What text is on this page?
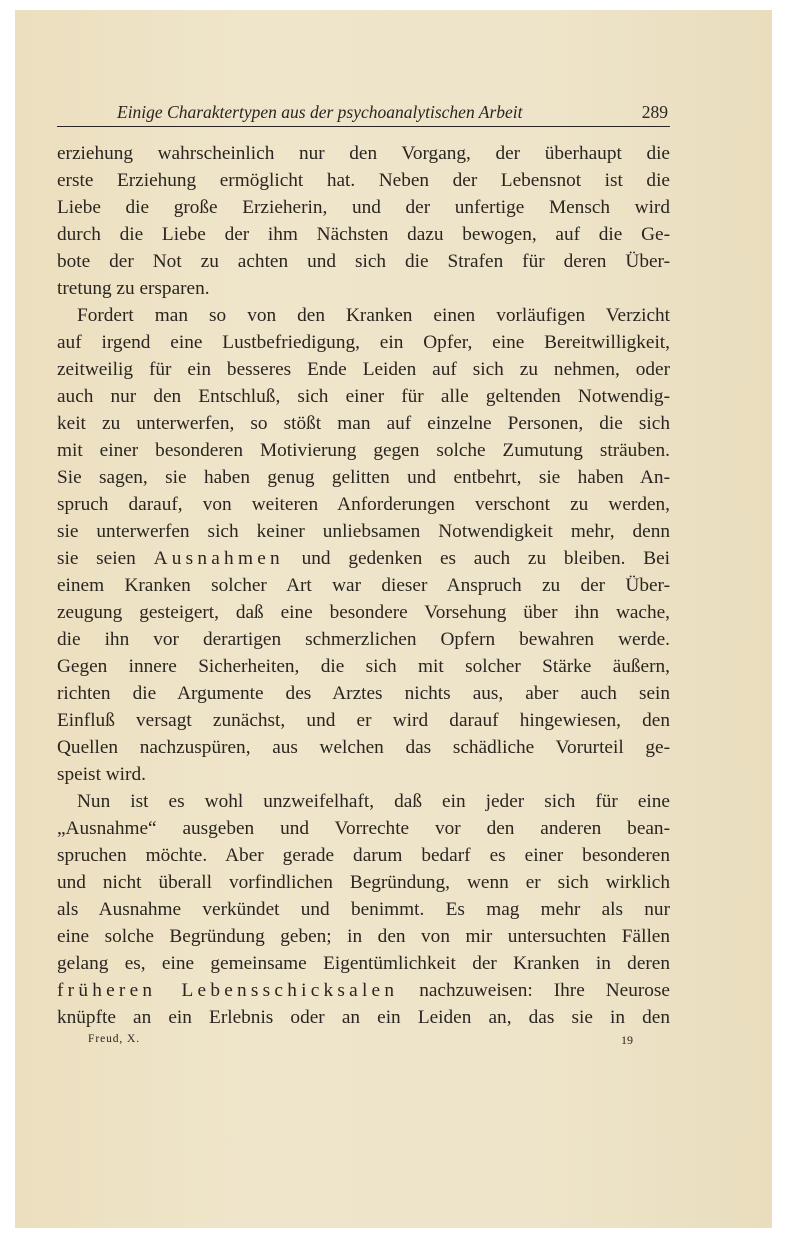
Einige Charaktertypen aus der psychoanalytischen Arbeit	289
erziehung wahrscheinlich nur den Vorgang, der überhaupt die
erste Erziehung ermöglicht hat. Neben der Lebensnot ist die
Liebe die große Erzieherin, und der unfertige Mensch wird
durch die Liebe der ihm Nächsten dazu bewogen, auf die Ge-
bote der Not zu achten und sich die Strafen für deren Über-
tretung zu ersparen.
Fordert man so von den Kranken einen vorläufigen Verzicht
auf irgend eine Lustbefriedigung, ein Opfer, eine Bereitwilligkeit,
zeitweilig für ein besseres Ende Leiden auf sich zu nehmen, oder
auch nur den Entschluß, sich einer für alle geltenden Notwendig-
keit zu unterwerfen, so stößt man auf einzelne Personen, die sich
mit einer besonderen Motivierung gegen solche Zumutung sträuben.
Sie sagen, sie haben genug gelitten und entbehrt, sie haben An-
spruch darauf, von weiteren Anforderungen verschont zu werden,
sie unterwerfen sich keiner unliebsamen Notwendigkeit mehr, denn
sie seien Ausnahmen und gedenken es auch zu bleiben. Bei
einem Kranken solcher Art war dieser Anspruch zu der Über-
zeugung gesteigert, daß eine besondere Vorsehung über ihn wache,
die ihn vor derartigen schmerzlichen Opfern bewahren werde.
Gegen innere Sicherheiten, die sich mit solcher Stärke äußern,
richten die Argumente des Arztes nichts aus, aber auch sein
Einfluß versagt zunächst, und er wird darauf hingewiesen, den
Quellen nachzuspüren, aus welchen das schädliche Vorurteil ge-
speist wird.
Nun ist es wohl unzweifelhaft, daß ein jeder sich für eine
„Ausnahme“ ausgeben und Vorrechte vor den anderen bean-
spruchen möchte. Aber gerade darum bedarf es einer besonderen
und nicht überall vorfindlichen Begründung, wenn er sich wirklich
als Ausnahme verkündet und benimmt. Es mag mehr als nur
eine solche Begründung geben; in den von mir untersuchten Fällen
gelang es, eine gemeinsame Eigentümlichkeit der Kranken in deren
früheren Lebensschicksalen nachzuweisen: Ihre Neurose
knüpfte an ein Erlebnis oder an ein Leiden an, das sie in den
Freud, X.	19
